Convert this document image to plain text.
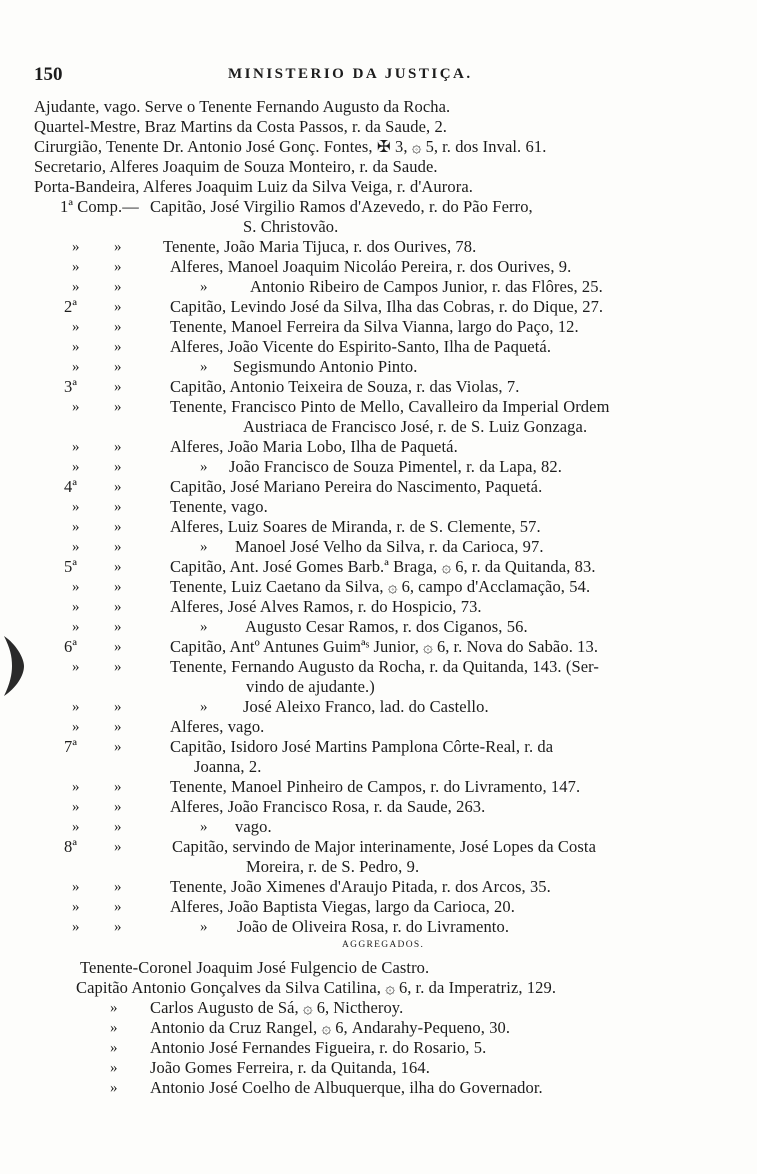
150	MINISTERIO DA JUSTIÇA.
Ajudante, vago. Serve o Tenente Fernando Augusto da Rocha.
Quartel-Mestre, Braz Martins da Costa Passos, r. da Saude, 2.
Cirurgião, Tenente Dr. Antonio José Gonç. Fontes, ✠ 3, ۞ 5, r. dos Inval. 61.
Secretario, Alferes Joaquim de Souza Monteiro, r. da Saude.
Porta-Bandeira, Alferes Joaquim Luiz da Silva Veiga, r. d'Aurora.
1ª Comp.— Capitão, José Virgilio Ramos d'Azevedo, r. do Pão Ferro,
S. Christovão.
» »	Tenente, João Maria Tijuca, r. dos Ourives, 78.
» »	Alferes, Manoel Joaquim Nicoláo Pereira, r. dos Ourives, 9.
» »	»	Antonio Ribeiro de Campos Junior, r. das Flôres, 25.
2ª »	Capitão, Levindo José da Silva, Ilha das Cobras, r. do Dique, 27.
» »	Tenente, Manoel Ferreira da Silva Vianna, largo do Paço, 12.
» »	Alferes, João Vicente do Espirito-Santo, Ilha de Paquetá.
» »	» Segismundo Antonio Pinto.
3ª »	Capitão, Antonio Teixeira de Souza, r. das Violas, 7.
» »	Tenente, Francisco Pinto de Mello, Cavalleiro da Imperial Ordem
Austriaca de Francisco José, r. de S. Luiz Gonzaga.
» »	Alferes, João Maria Lobo, Ilha de Paquetá.
» »	» João Francisco de Souza Pimentel, r. da Lapa, 82.
4ª »	Capitão, José Mariano Pereira do Nascimento, Paquetá.
» »	Tenente, vago.
» »	Alferes, Luiz Soares de Miranda, r. de S. Clemente, 57.
» »	» Manoel José Velho da Silva, r. da Carioca, 97.
5ª »	Capitão, Ant. José Gomes Barb.ª Braga, ۞ 6, r. da Quitanda, 83.
» »	Tenente, Luiz Caetano da Silva, ۞ 6, campo d'Acclamação, 54.
» »	Alferes, José Alves Ramos, r. do Hospicio, 73.
» »	» Augusto Cesar Ramos, r. dos Ciganos, 56.
6ª »	Capitão, Antº Antunes Guimªˢ Junior, ۞ 6, r. Nova do Sabão. 13.
» »	Tenente, Fernando Augusto da Rocha, r. da Quitanda, 143. (Ser-
vindo de ajudante.)
» »	» José Aleixo Franco, lad. do Castello.
» »	Alferes, vago.
7ª »	Capitão, Isidoro José Martins Pamplona Côrte-Real, r. da
Joanna, 2.
» »	Tenente, Manoel Pinheiro de Campos, r. do Livramento, 147.
» »	Alferes, João Francisco Rosa, r. da Saude, 263.
» »	» vago.
8ª »	Capitão, servindo de Major interinamente, José Lopes da Costa
Moreira, r. de S. Pedro, 9.
» »	Tenente, João Ximenes d'Araujo Pitada, r. dos Arcos, 35.
» »	Alferes, João Baptista Viegas, largo da Carioca, 20.
» »	» João de Oliveira Rosa, r. do Livramento.
AGGREGADOS.
Tenente-Coronel Joaquim José Fulgencio de Castro.
Capitão Antonio Gonçalves da Silva Catilina, ۞ 6, r. da Imperatriz, 129.
» Carlos Augusto de Sá, ۞ 6, Nictheroy.
» Antonio da Cruz Rangel, ۞ 6, Andarahy-Pequeno, 30.
» Antonio José Fernandes Figueira, r. do Rosario, 5.
» João Gomes Ferreira, r. da Quitanda, 164.
» Antonio José Coelho de Albuquerque, ilha do Governador.
